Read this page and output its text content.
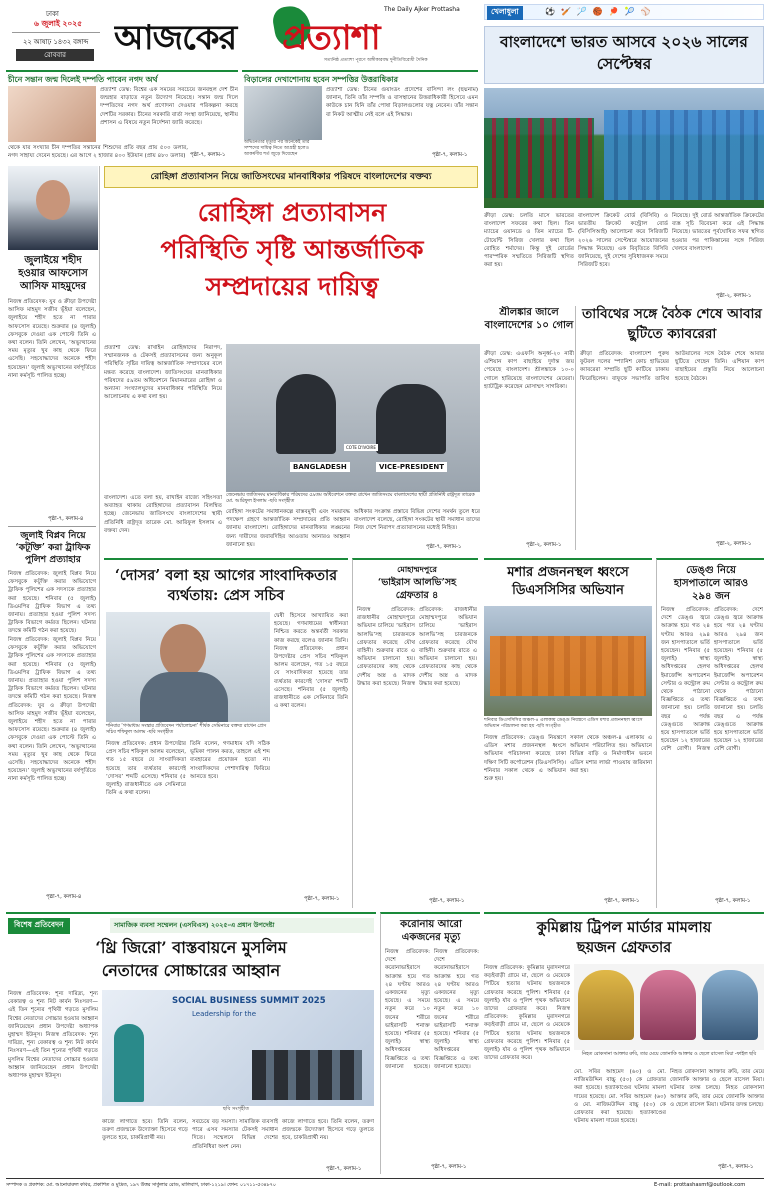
ঢাকা
৬ জুলাই ২০২৫
২২ আষাঢ় ১৪৩২ বঙ্গাব্দ
রোববার	আজকের প্রত্যাশা
The Daily Ajker Prottasha
সত্যনিষ্ঠ প্রত্যাশা পূরণে অঙ্গীকারবদ্ধ দুর্নীতিবিরোধী দৈনিক
চীনে সন্তান জন্ম দিলেই দম্পতি পাবেন নগদ অর্থ
প্রত্যাশা ডেস্ক: বিশ্বের এক সময়ের সবচেয়ে জনবহুল দেশ চীন জন্মহার বাড়াতে নতুন উদ্যোগ নিয়েছে। সন্তান জন্ম দিলে দম্পতিদের নগদ অর্থ প্রণোদনা দেওয়ার পরিকল্পনা করছে দেশটির সরকার। চীনের সরকারি বার্তা সংস্থা জানিয়েছে, স্থানীয় প্রশাসন এ বিষয়ে নতুন নির্দেশনা জারি করেছে।
থেকে যার সংখ্যার চীন দম্পতির সন্তানের শিশুদের প্রতি বছর প্রায় ৫০০ ডলার, নগদ সাহায্য দেবেন হয়েছে। এর আগে ২ হাজার ৪০০ ইউয়ান (প্রায় ৪৮০ ডলার) পৃষ্ঠা-৭, কলাম-১
বিড়ালের দেখাশোনায় হবেন সম্পত্তির উত্তরাধিকার
অভিনেতার মৃত্যুর পর অনেকেই তার সম্পদের দায়িত্ব নিতে আগ্রহী হলেও আকর্ষণীয় শর্ত জুড়ে দিয়েছেন
প্রত্যাশা ডেস্ক: চীনের গুয়াংডং প্রদেশের বাসিন্দা লং (ছদ্মনাম) জানান, তিনি তাঁর সম্পত্তি ও বাসস্থানের উত্তরাধিকারী হিসেবে এমন কাউকে চান যিনি তাঁর পোষা বিড়ালগুলোর যত্ন নেবেন। তাঁর সন্তান বা নিকট আত্মীয় নেই বলে এই সিদ্ধান্ত।
পৃষ্ঠা-৭, কলাম-১
খেলাধুলা	⚽🏏🏸🏀🏓🎾⚾
বাংলাদেশে ভারত আসবে ২০২৬ সালের সেপ্টেম্বর
ক্রীড়া ডেস্ক: চলতি মাসে ভারতের বাংলাদেশ সফরের কথা ছিল। তিন ম্যাচের ওয়ানডে ও তিন ম্যাচের টি-টোয়েন্টি সিরিজ খেলার কথা ছিল রোহিত শর্মাদের। কিন্তু দুই বোর্ডের পারস্পরিক সম্মতিতে সিরিজটি স্থগিত করা হয়।
বাংলাদেশ ক্রিকেট বোর্ড (বিসিবি) ও ভারতীয় ক্রিকেট কন্ট্রোল বোর্ড (বিসিসিআই) আলোচনা করে সিরিজটি ২০২৬ সালের সেপ্টেম্বরে আয়োজনের সিদ্ধান্ত নিয়েছে। এক বিবৃতিতে বিসিবি জানিয়েছে, দুই দেশের সুবিধাজনক সময়ে সিরিজটি হবে।
নিয়েছে। দুই বোর্ড আন্তর্জাতিক ক্রিকেটের ব্যস্ত সূচি বিবেচনা করে এই সিদ্ধান্ত নিয়েছে। ভারতের পূর্বঘোষিত সফর স্থগিত হওয়ার পর পাকিস্তানের সঙ্গে সিরিজ খেলবে বাংলাদেশ।
পৃষ্ঠা-২, কলাম-১
তাবিথের সঙ্গে বৈঠক শেষে আবার ছুটিতে ক্যাবরেরা
ক্রীড়া প্রতিবেদক: বাংলাদেশ পুরুষ ফুটবল দলের স্প্যানিশ কোচ হাভিয়ের ক্যাবরেরা সম্প্রতি ছুটি কাটিয়ে ঢাকায় ফিরেছিলেন। বাফুফে সভাপতি তাবিথ আউয়ালের সঙ্গে বৈঠক শেষে আবার ছুটিতে গেছেন তিনি। এশিয়ান কাপ বাছাইয়ের প্রস্তুতি নিয়ে আলোচনা হয়েছে বৈঠকে।
পৃষ্ঠা-২, কলাম-১
শ্রীলঙ্কার জালে বাংলাদেশের ১০ গোল
ক্রীড়া ডেস্ক: এএফসি অনূর্ধ্ব-২০ নারী এশিয়ান কাপ বাছাইয়ে দুর্দান্ত জয় পেয়েছে বাংলাদেশ। শ্রীলঙ্কাকে ১০-০ গোলে হারিয়েছে বাংলাদেশের মেয়েরা। হ্যাটট্রিক করেছেন মোসাম্মৎ সাগরিকা।
পৃষ্ঠা-২, কলাম-১
রোহিঙ্গা প্রত্যাবাসন নিয়ে জাতিসংঘের মানবাধিকার পরিষদে বাংলাদেশের বক্তব্য
রোহিঙ্গা প্রত্যাবাসন
পরিস্থিতি সৃষ্টি আন্তর্জাতিক
সম্প্রদায়ের দায়িত্ব
প্রত্যাশা ডেস্ক: রাখাইন রোহিঙ্গাদের নিরাপদ, সম্মানজনক ও টেকসই প্রত্যাবাসনের জন্য অনুকূল পরিস্থিতি সৃষ্টির দায়িত্ব আন্তর্জাতিক সম্প্রদায়ের বলে মন্তব্য করেছে বাংলাদেশ। জাতিসংঘের মানবাধিকার পরিষদের ৫৯তম অধিবেশনে মিয়ানমারের রোহিঙ্গা ও অন্যান্য সংখ্যালঘুদের মানবাধিকার পরিস্থিতি নিয়ে আলোচনায় এ কথা বলা হয়।
BANGLADESH	VICE-PRESIDENT
COTE D'IVOIRE
বাংলাদেশ। এতে বলা হয়, রাখাইন রাজ্যে সহিংসতা অব্যাহত থাকায় রোহিঙ্গাদের প্রত্যাবাসন বিলম্বিত হচ্ছে। জেনেভায় জাতিসংঘে বাংলাদেশের স্থায়ী প্রতিনিধি রাষ্ট্রদূত তারেক মো. আরিফুল ইসলাম এ বক্তব্য দেন।
জেনেভায় জাতিসংঘ মানবাধিকার পরিষদের ৫৯তম অধিবেশনে বক্তব্য রাখেন জাতিসংঘে বাংলাদেশের স্থায়ী প্রতিনিধি রাষ্ট্রদূত তারেক মো. আরিফুল ইসলাম -ছবি সংগৃহীত
রোহিঙ্গা সংকটের সমাধানকল্পে বাস্তবমুখী এবং সময়াবদ্ধ পদক্ষেপ গ্রহণে আন্তর্জাতিক সম্প্রদায়ের প্রতি আহ্বান জানায় বাংলাদেশ। রোহিঙ্গাদের মানবাধিকার লঙ্ঘনের জন্য দায়ীদের জবাবদিহির আওতায় আনারও আহ্বান জানানো হয়।
অধিকার সংক্রান্ত প্রস্তাবে বিভিন্ন দেশের সমর্থন তুলে ধরে বাংলাদেশ বলেছে, রোহিঙ্গা সংকটের স্থায়ী সমাধান তাদের নিজ দেশে নিরাপদ প্রত্যাবাসনের মধ্যেই নিহিত।
পৃষ্ঠা-৭, কলাম-১
জুলাইয়ে শহীদ
হওয়ার আফসোস
আসিফ মাহমুদের
নিজস্ব প্রতিবেদক: যুব ও ক্রীড়া উপদেষ্টা আসিফ মাহমুদ সজীব ভূঁইয়া বলেছেন, জুলাইয়ে শহীদ হতে না পারার আফসোস রয়েছে। শুক্রবার (৪ জুলাই) ফেসবুকে দেওয়া এক পোস্টে তিনি এ কথা বলেন। তিনি লেখেন, ‘অভ্যুত্থানের সময় মৃত্যুর খুব কাছ থেকে ফিরে এসেছি। সহযোদ্ধাদের অনেকে শহীদ হয়েছেন।’ জুলাই অভ্যুত্থানের বর্ষপূর্তিতে নানা কর্মসূচি পালিত হচ্ছে।
পৃষ্ঠা-৭, কলাম-৪
জুলাই বিপ্লব নিয়ে
‘কটূক্তি’ করা ট্রাফিক
পুলিশ প্রত্যাহার
নিজস্ব প্রতিবেদক: জুলাই বিপ্লব নিয়ে ফেসবুকে কটূক্তি করার অভিযোগে ট্রাফিক পুলিশের এক সদস্যকে প্রত্যাহার করা হয়েছে। শনিবার (৫ জুলাই) ডিএমপির ট্রাফিক বিভাগ এ তথ্য জানায়। প্রত্যাহার হওয়া পুলিশ সদস্য ট্রাফিক বিভাগে কর্মরত ছিলেন। ঘটনার তদন্তে কমিটি গঠন করা হয়েছে।
নিজস্ব প্রতিবেদক: জুলাই বিপ্লব নিয়ে ফেসবুকে কটূক্তি করার অভিযোগে ট্রাফিক পুলিশের এক সদস্যকে প্রত্যাহার করা হয়েছে। শনিবার (৫ জুলাই) ডিএমপির ট্রাফিক বিভাগ এ তথ্য জানায়। প্রত্যাহার হওয়া পুলিশ সদস্য ট্রাফিক বিভাগে কর্মরত ছিলেন। ঘটনার তদন্তে কমিটি গঠন করা হয়েছে। নিজস্ব প্রতিবেদক: যুব ও ক্রীড়া উপদেষ্টা আসিফ মাহমুদ সজীব ভূঁইয়া বলেছেন, জুলাইয়ে শহীদ হতে না পারার আফসোস রয়েছে। শুক্রবার (৪ জুলাই) ফেসবুকে দেওয়া এক পোস্টে তিনি এ কথা বলেন। তিনি লেখেন, ‘অভ্যুত্থানের সময় মৃত্যুর খুব কাছ থেকে ফিরে এসেছি। সহযোদ্ধাদের অনেকে শহীদ হয়েছেন।’ জুলাই অভ্যুত্থানের বর্ষপূর্তিতে নানা কর্মসূচি পালিত হচ্ছে।
পৃষ্ঠা-৭, কলাম-৪
‘দোসর’ বলা হয় আগের সাংবাদিকতার ব্যর্থতায়: প্রেস সচিব
দ্বেষী হিসেবে আখ্যায়িত করা হয়েছে। গণমাধ্যমের স্বাধীনতা নিশ্চিত করতে অন্তর্বর্তী সরকার কাজ করছে বলেও জানান তিনি। নিজস্ব প্রতিবেদক: প্রধান উপদেষ্টার প্রেস সচিব শফিকুল আলম বলেছেন, গত ১৫ বছরে যে সাংবাদিকতা হয়েছে তার ব্যর্থতার কারণেই ‘দোসর’ শব্দটি এসেছে। শনিবার (৫ জুলাই) রাজধানীতে এক সেমিনারে তিনি এ কথা বলেন।
শনিবার ‘গণমাধ্যম সংস্কার প্রতিবেদন পর্যালোচনা’ শীর্ষক সেমিনারে বক্তব্য রাখেন প্রেস সচিব শফিকুল আলম -ছবি সংগৃহীত
নিজস্ব প্রতিবেদক: প্রধান উপদেষ্টার প্রেস সচিব শফিকুল আলম বলেছেন, গত ১৫ বছরে যে সাংবাদিকতা হয়েছে তার ব্যর্থতার কারণেই ‘দোসর’ শব্দটি এসেছে। শনিবার (৫ জুলাই) রাজধানীতে এক সেমিনারে তিনি এ কথা বলেন।
তিনি বলেন, গণমাধ্যম যদি সঠিক ভূমিকা পালন করত, তাহলে এই শব্দ ব্যবহারের প্রয়োজন হতো না। সাংবাদিকদের পেশাদারিত্ব ফিরিয়ে আনতে হবে।
পৃষ্ঠা-৭, কলাম-১
মোহাম্মদপুরে
‘ভাইরাস আলভি’সহ
গ্রেফতার ৪
নিজস্ব প্রতিবেদক: রাজধানীর মোহাম্মদপুরে অভিযান চালিয়ে ‘ভাইরাস আলভি’সহ চারজনকে গ্রেফতার করেছে যৌথ বাহিনী। শুক্রবার রাতে এ অভিযান চালানো হয়। গ্রেফতারদের কাছ থেকে দেশীয় অস্ত্র ও মাদক উদ্ধার করা হয়েছে। নিজস্ব প্রতিবেদক: রাজধানীর মোহাম্মদপুরে অভিযান চালিয়ে ‘ভাইরাস আলভি’সহ চারজনকে গ্রেফতার করেছে যৌথ বাহিনী। শুক্রবার রাতে এ অভিযান চালানো হয়। গ্রেফতারদের কাছ থেকে দেশীয় অস্ত্র ও মাদক উদ্ধার করা হয়েছে।
পৃষ্ঠা-৭, কলাম-১
মশার প্রজননস্থল ধ্বংসে
ডিএসসিসির অভিযান
শনিবার ডিএসসিসির অঞ্চল-৪ এলাকায় ডেঙ্গু নিয়ন্ত্রণে এডিস মশার প্রজননস্থল ধ্বংসে অভিযান পরিচালনা করা হয় -ছবি সংগৃহীত
নিজস্ব প্রতিবেদক: ডেঙ্গু নিয়ন্ত্রণে এডিস মশার প্রজননস্থল ধ্বংসে অভিযান পরিচালনা করেছে ঢাকা দক্ষিণ সিটি কর্পোরেশন (ডিএসসিসি)। শনিবার সকাল থেকে এ অভিযান শুরু হয়।
সকাল থেকে অঞ্চল-৪ এলাকায় এ অভিযান পরিচালিত হয়। অভিযানে বিভিন্ন বাড়ি ও নির্মাণাধীন ভবনে এডিস মশার লার্ভা পাওয়ায় জরিমানা করা হয়।
পৃষ্ঠা-৭, কলাম-১
ডেঙ্গু নিয়ে
হাসপাতালে আরও
২৯৪ জন
নিজস্ব প্রতিবেদক: দেশে ডেঙ্গু জ্বরে আক্রান্ত হয়ে গত ২৪ ঘণ্টায় আরও ২৯৪ জন হাসপাতালে ভর্তি হয়েছেন। শনিবার (৫ জুলাই) স্বাস্থ্য অধিদপ্তরের হেলথ ইমার্জেন্সি অপারেশন সেন্টার ও কন্ট্রোল রুম থেকে পাঠানো বিজ্ঞপ্তিতে এ তথ্য জানানো হয়। চলতি বছর এ পর্যন্ত ডেঙ্গুতে আক্রান্ত হয়ে হাসপাতালে ভর্তি হয়েছেন ১২ হাজারের বেশি রোগী। নিজস্ব প্রতিবেদক: দেশে ডেঙ্গু জ্বরে আক্রান্ত হয়ে গত ২৪ ঘণ্টায় আরও ২৯৪ জন হাসপাতালে ভর্তি হয়েছেন। শনিবার (৫ জুলাই) স্বাস্থ্য অধিদপ্তরের হেলথ ইমার্জেন্সি অপারেশন সেন্টার ও কন্ট্রোল রুম থেকে পাঠানো বিজ্ঞপ্তিতে এ তথ্য জানানো হয়। চলতি বছর এ পর্যন্ত ডেঙ্গুতে আক্রান্ত হয়ে হাসপাতালে ভর্তি হয়েছেন ১২ হাজারের বেশি রোগী।
পৃষ্ঠা-৭, কলাম-১
বিশেষ প্রতিবেদন	সামাজিক ব্যবসা সম্মেলন (এসবিএস) ২০২৫-এ প্রধান উপদেষ্টা
‘থ্রি জিরো’ বাস্তবায়নে মুসলিম
নেতাদের সোচ্চারের আহ্বান
নিজস্ব প্রতিবেদক: শূন্য দারিদ্র্য, শূন্য বেকারত্ব ও শূন্য নিট কার্বন নিঃসরণ—এই তিন শূন্যের পৃথিবী গড়তে মুসলিম বিশ্বের নেতাদের সোচ্চার হওয়ার আহ্বান জানিয়েছেন প্রধান উপদেষ্টা অধ্যাপক মুহাম্মদ ইউনূস। নিজস্ব প্রতিবেদক: শূন্য দারিদ্র্য, শূন্য বেকারত্ব ও শূন্য নিট কার্বন নিঃসরণ—এই তিন শূন্যের পৃথিবী গড়তে মুসলিম বিশ্বের নেতাদের সোচ্চার হওয়ার আহ্বান জানিয়েছেন প্রধান উপদেষ্টা অধ্যাপক মুহাম্মদ ইউনূস।
SOCIAL BUSINESS SUMMIT 2025
Leadership for the
ছবি সংগৃহীত
কাজে লাগাতে হবে। তিনি বলেন, তরুণ প্রজন্মকে উদ্যোক্তা হিসেবে গড়ে তুলতে হবে, চাকরিপ্রার্থী নয়।
সবচেয়ে বড় সমস্যা। সামাজিক ব্যবসাই পারে এসব সমস্যার টেকসই সমাধান দিতে। সম্মেলনে বিভিন্ন দেশের প্রতিনিধিরা অংশ নেন।
কাজে লাগাতে হবে। তিনি বলেন, তরুণ প্রজন্মকে উদ্যোক্তা হিসেবে গড়ে তুলতে হবে, চাকরিপ্রার্থী নয়।
পৃষ্ঠা-৭, কলাম-১
করোনায় আরো
একজনের মৃত্যু
নিজস্ব প্রতিবেদক: দেশে করোনাভাইরাসে আক্রান্ত হয়ে গত ২৪ ঘণ্টায় আরও একজনের মৃত্যু হয়েছে। এ সময়ে নতুন করে ১০ জনের শরীরে ভাইরাসটি শনাক্ত হয়েছে। শনিবার (৫ জুলাই) স্বাস্থ্য অধিদপ্তরের বিজ্ঞপ্তিতে এ তথ্য জানানো হয়েছে। নিজস্ব প্রতিবেদক: দেশে করোনাভাইরাসে আক্রান্ত হয়ে গত ২৪ ঘণ্টায় আরও একজনের মৃত্যু হয়েছে। এ সময়ে নতুন করে ১০ জনের শরীরে ভাইরাসটি শনাক্ত হয়েছে। শনিবার (৫ জুলাই) স্বাস্থ্য অধিদপ্তরের বিজ্ঞপ্তিতে এ তথ্য জানানো হয়েছে।
পৃষ্ঠা-৭, কলাম-১
কুমিল্লায় ট্রিপল মার্ডার মামলায়
ছয়জন গ্রেফতার
নিজস্ব প্রতিবেদক: কুমিল্লার মুরাদনগরে কড়ইবাড়ী গ্রামে মা, ছেলে ও মেয়েকে পিটিয়ে হত্যার ঘটনায় ছয়জনকে গ্রেফতার করেছে পুলিশ। শনিবার (৫ জুলাই) র্যাব ও পুলিশ পৃথক অভিযানে তাদের গ্রেফতার করে। নিজস্ব প্রতিবেদক: কুমিল্লার মুরাদনগরে কড়ইবাড়ী গ্রামে মা, ছেলে ও মেয়েকে পিটিয়ে হত্যার ঘটনায় ছয়জনকে গ্রেফতার করেছে পুলিশ। শনিবার (৫ জুলাই) র্যাব ও পুলিশ পৃথক অভিযানে তাদের গ্রেফতার করে।
নিহত রোকসানা আক্তার রুবি, তার মেয়ে জোনাকি আক্তার ও ছেলে রাসেল মিয়া -ফাইল ছবি
মো. সবির আহমেদ (৬০) ও মো. নাজিমউদ্দিন বাচ্চু (৫০) কে গ্রেফতার করা হয়েছে। হত্যাকাণ্ডের ঘটনায় মামলা দায়ের হয়েছে। মো. সবির আহমেদ (৬০) ও মো. নাজিমউদ্দিন বাচ্চু (৫০) কে গ্রেফতার করা হয়েছে। হত্যাকাণ্ডের ঘটনায় মামলা দায়ের হয়েছে।
নিহত রোকসানা আক্তার রুবি, তার মেয়ে জোনাকি আক্তার ও ছেলে রাসেল মিয়া। ঘটনার তদন্ত চলছে। নিহত রোকসানা আক্তার রুবি, তার মেয়ে জোনাকি আক্তার ও ছেলে রাসেল মিয়া। ঘটনার তদন্ত চলছে।
পৃষ্ঠা-৭, কলাম-১
সম্পাদক ও প্রকাশক: মো. আনোয়ারুল কবির, প্রকাশিত ও মুদ্রিত, ১৯৭ উত্তর সার্কুলার রোড, মালিবাগ, ঢাকা-১২১৯। ফোন: ০১৭১১-৫৩৪৮৭০	E-mail: prottashasmf@outlook.com
